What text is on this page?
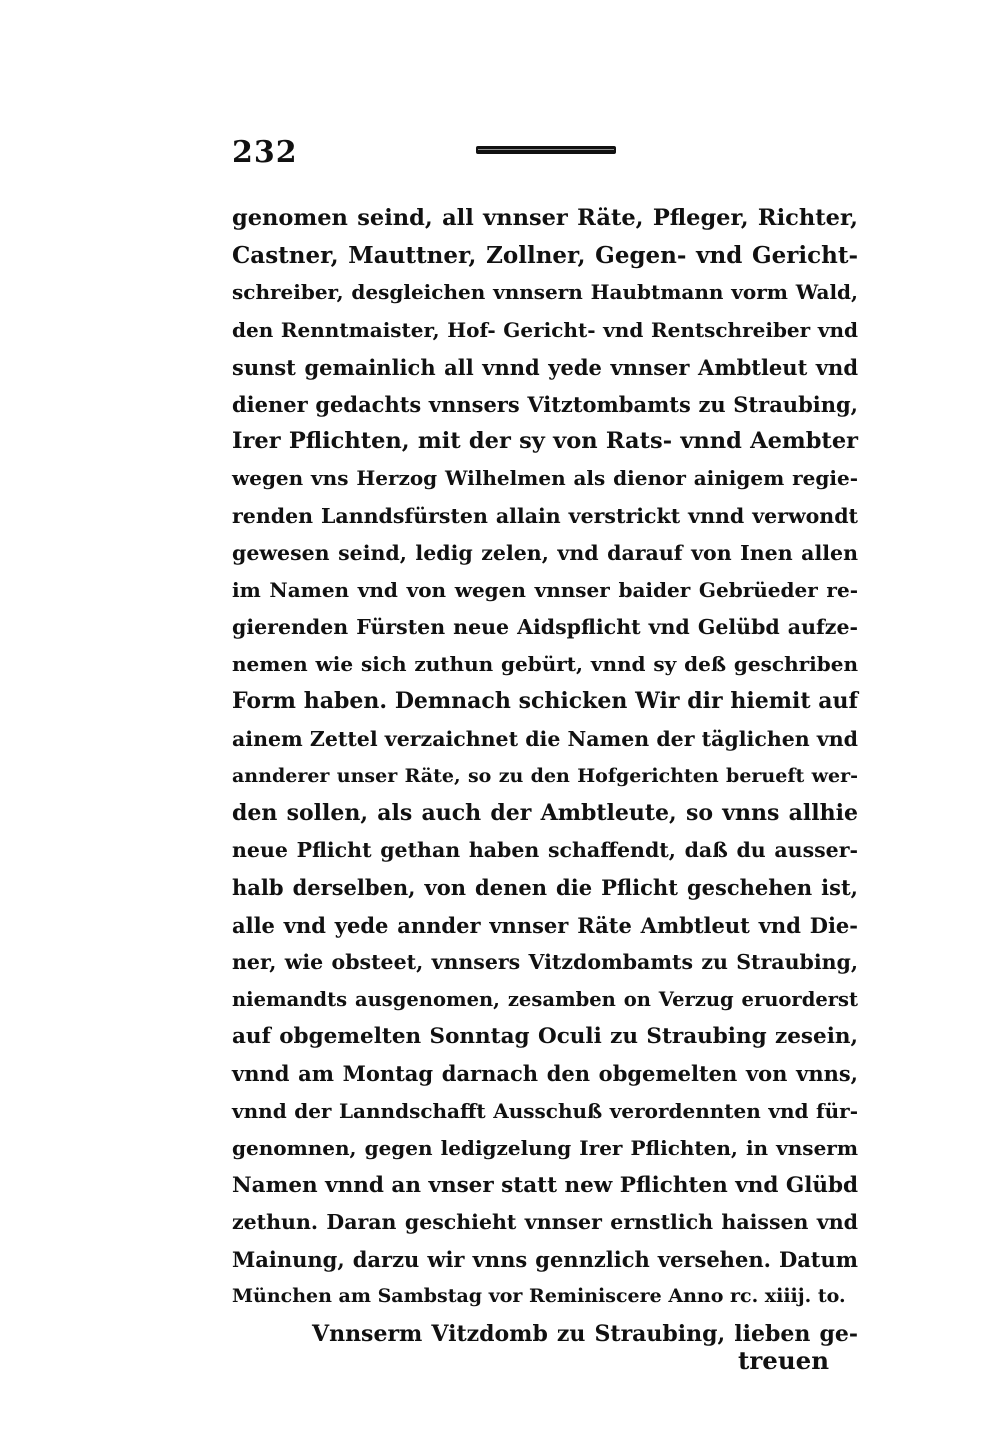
232
genomen seind, all vnnser Räte, Pfleger, Richter,
Castner, Mauttner, Zollner, Gegen- vnd Gericht-
schreiber, desgleichen vnnsern Haubtmann vorm Wald,
den Renntmaister, Hof- Gericht- vnd Rentschreiber vnd
sunst gemainlich all vnnd yede vnnser Ambtleut vnd
diener gedachts vnnsers Vitztombamts zu Straubing,
Irer Pflichten, mit der sy von Rats- vnnd Aembter
wegen vns Herzog Wilhelmen als dienor ainigem regie-
renden Lanndsfürsten allain verstrickt vnnd verwondt
gewesen seind, ledig zelen, vnd darauf von Inen allen
im Namen vnd von wegen vnnser baider Gebrüeder re-
gierenden Fürsten neue Aidspflicht vnd Gelübd aufze-
nemen wie sich zuthun gebürt, vnnd sy deß geschriben
Form haben. Demnach schicken Wir dir hiemit auf
ainem Zettel verzaichnet die Namen der täglichen vnd
annderer unser Räte, so zu den Hofgerichten berueft wer-
den sollen, als auch der Ambtleute, so vnns allhie
neue Pflicht gethan haben schaffendt, daß du ausser-
halb derselben, von denen die Pflicht geschehen ist,
alle vnd yede annder vnnser Räte Ambtleut vnd Die-
ner, wie obsteet, vnnsers Vitzdombamts zu Straubing,
niemandts ausgenomen, zesamben on Verzug eruorderst
auf obgemelten Sonntag Oculi zu Straubing zesein,
vnnd am Montag darnach den obgemelten von vnns,
vnnd der Lanndschafft Ausschuß verordennten vnd für-
genomnen, gegen ledigzelung Irer Pflichten, in vnserm
Namen vnnd an vnser statt new Pflichten vnd Glübd
zethun. Daran geschieht vnnser ernstlich haissen vnd
Mainung, darzu wir vnns gennzlich versehen. Datum
München am Sambstag vor Reminiscere Anno rc. xiiij. to.
Vnnserm Vitzdomb zu Straubing, lieben ge-
treuen
